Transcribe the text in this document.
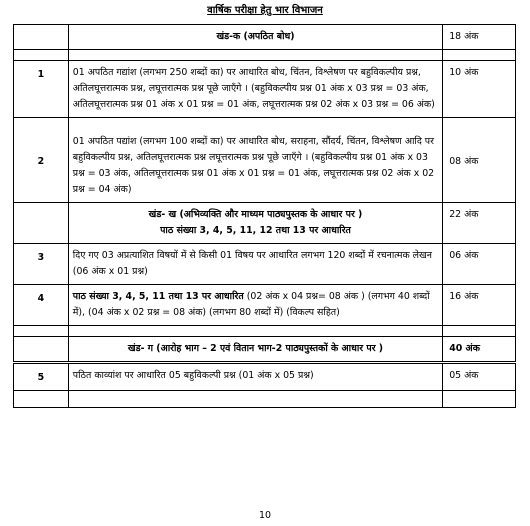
वार्षिक परीक्षा हेतु भार विभाजन
	खंड-क (अपठित बोध)	18 अंक

1	01 अपठित गद्यांश (लगभग 250 शब्दों का) पर आधारित बोध, चिंतन, विश्लेषण पर बहुविकल्पीय प्रश्न, अतिलघूत्तरात्मक प्रश्न, लघूत्तरात्मक प्रश्न पूछे जाएँगे । (बहुविकल्पीय प्रश्न 01 अंक x 03 प्रश्न = 03 अंक, अतिलघूत्तरात्मक प्रश्न 01 अंक x 01 प्रश्न = 01 अंक, लघूत्तरात्मक प्रश्न 02 अंक x 03 प्रश्न = 06 अंक)	10 अंक
2	01 अपठित पद्यांश (लगभग 100 शब्दों का) पर आधारित बोध, सराहना, सौंदर्य, चिंतन, विश्लेषण आदि पर बहुविकल्पीय प्रश्न, अतिलघूत्तरात्मक प्रश्न लघूत्तरात्मक प्रश्न पूछे जाएँगे । (बहुविकल्पीय प्रश्न 01 अंक x 03 प्रश्न = 03 अंक, अतिलघूत्तरात्मक प्रश्न 01 अंक x 01 प्रश्न = 01 अंक, लघूत्तरात्मक प्रश्न 02 अंक x 02 प्रश्न = 04 अंक)	08 अंक

	खंड- ख (अभिव्यक्ति और माध्यम पाठ्यपुस्तक के आधार पर )
पाठ संख्या 3, 4, 5, 11, 12 तथा 13 पर आधारित	22 अंक
3	दिए गए 03 अप्रत्याशित विषयों में से किसी 01 विषय पर आधारित लगभग 120 शब्दों में रचनात्मक लेखन (06 अंक x 01 प्रश्न)	06 अंक
4	पाठ संख्या 3, 4, 5, 11 तथा 13 पर आधारित (02 अंक x 04 प्रश्न= 08 अंक ) (लगभग 40 शब्दों में), (04 अंक x 02 प्रश्न = 08 अंक) (लगभग 80 शब्दों में) (विकल्प सहित)	16 अंक

	खंड- ग (आरोह भाग – 2 एवं वितान भाग-2 पाठ्यपुस्तकों के आधार पर )	40 अंक
5	पठित काव्यांश पर आधारित 05 बहुविकल्पी प्रश्न (01 अंक x 05 प्रश्न)	05 अंक

10
